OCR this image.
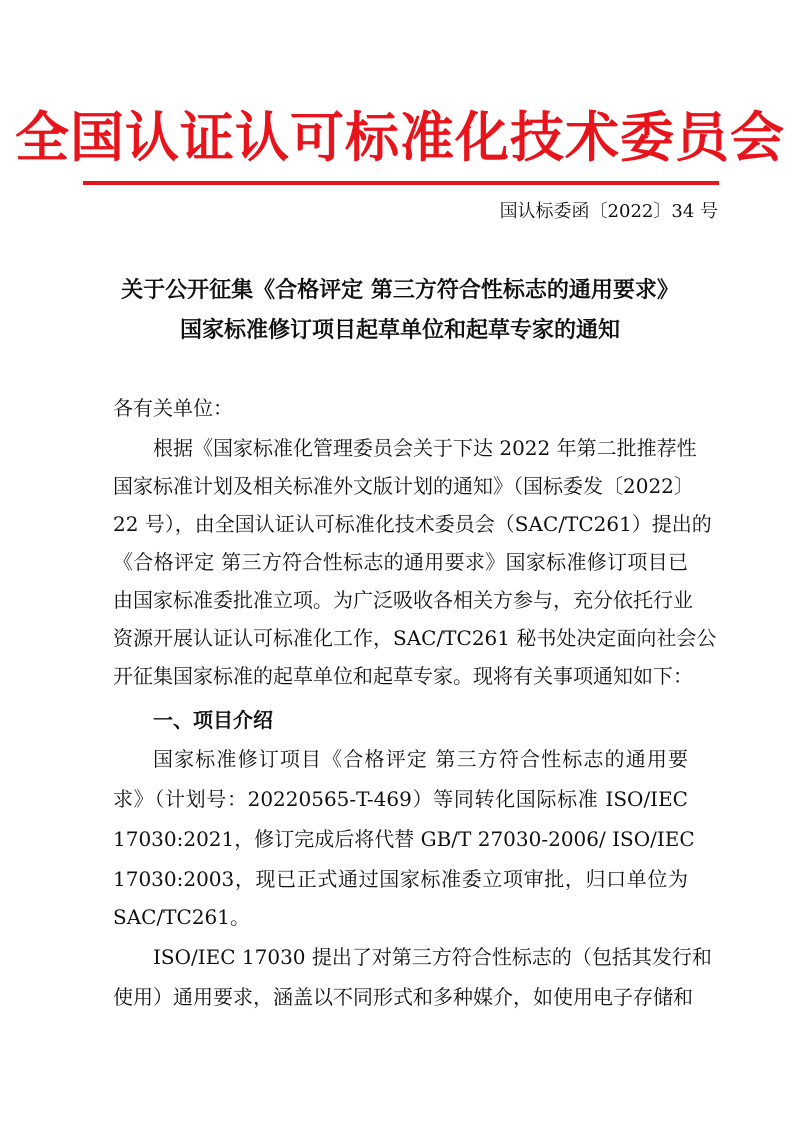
全国认证认可标准化技术委员会
国认标委函〔2022〕34 号
关于公开征集《合格评定 第三方符合性标志的通用要求》
国家标准修订项目起草单位和起草专家的通知
各有关单位：
根据《国家标准化管理委员会关于下达 2022 年第二批推荐性
国家标准计划及相关标准外文版计划的通知》（国标委发〔2022〕
22 号），由全国认证认可标准化技术委员会（SAC/TC261）提出的
《合格评定 第三方符合性标志的通用要求》国家标准修订项目已
由国家标准委批准立项。为广泛吸收各相关方参与，充分依托行业
资源开展认证认可标准化工作，SAC/TC261 秘书处决定面向社会公
开征集国家标准的起草单位和起草专家。现将有关事项通知如下：
一、项目介绍
国家标准修订项目《合格评定 第三方符合性标志的通用要
求》（计划号：20220565-T-469）等同转化国际标准 ISO/IEC
17030:2021，修订完成后将代替 GB/T 27030-2006/ ISO/IEC
17030:2003，现已正式通过国家标准委立项审批，归口单位为
SAC/TC261。
ISO/IEC 17030 提出了对第三方符合性标志的（包括其发行和
使用）通用要求，涵盖以不同形式和多种媒介，如使用电子存储和
